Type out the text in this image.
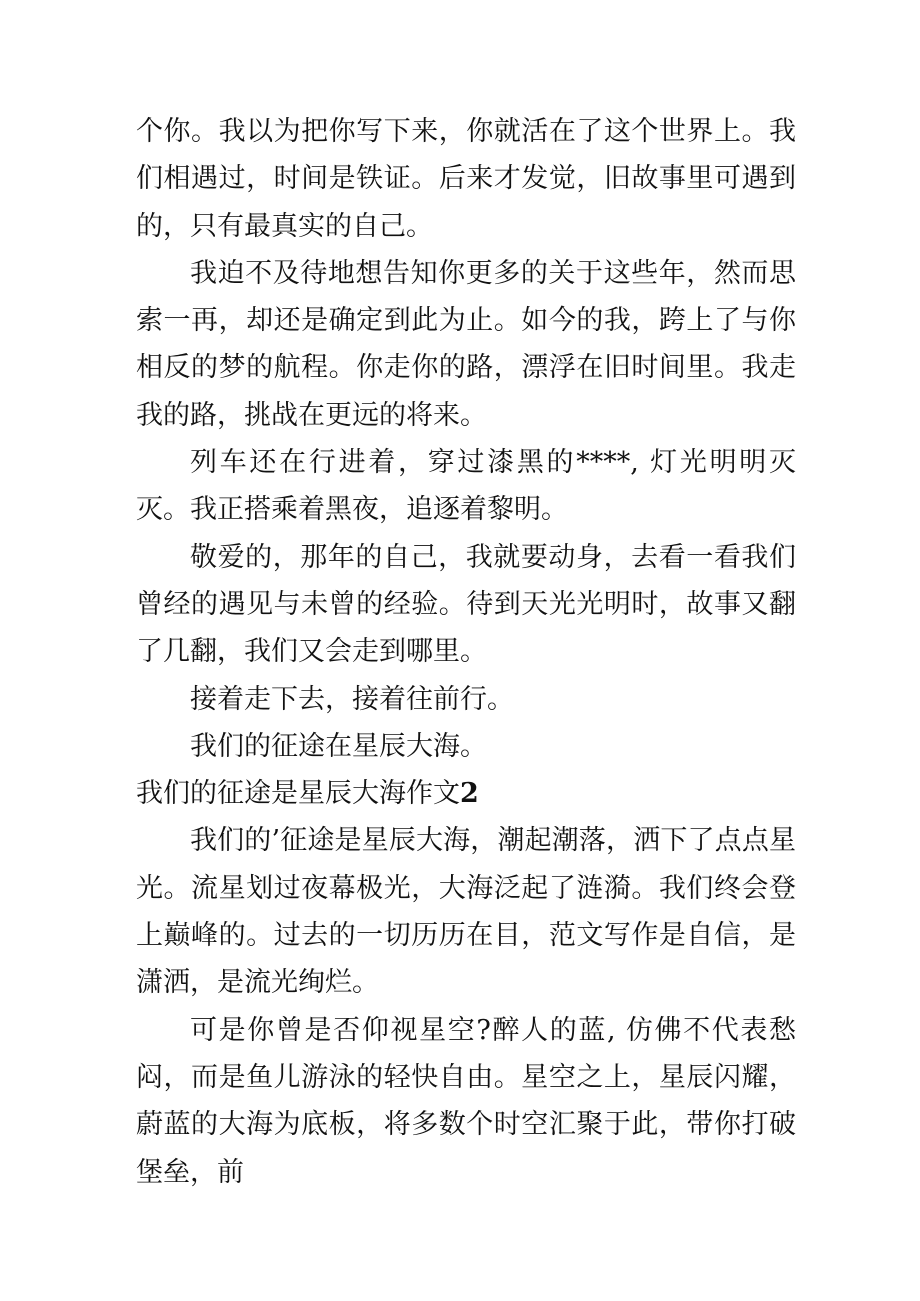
个你。我以为把你写下来，你就活在了这个世界上。我们相遇过，时间是铁证。后来才发觉，旧故事里可遇到的，只有最真实的自己。

我迫不及待地想告知你更多的关于这些年，然而思索一再，却还是确定到此为止。如今的我，跨上了与你相反的梦的航程。你走你的路，漂浮在旧时间里。我走我的路，挑战在更远的将来。

列车还在行进着，穿过漆黑的****, 灯光明明灭灭。我正搭乘着黑夜，追逐着黎明。

敬爱的，那年的自己，我就要动身，去看一看我们曾经的遇见与未曾的经验。待到天光光明时，故事又翻了几翻，我们又会走到哪里。

接着走下去，接着往前行。

我们的征途在星辰大海。

我们的征途是星辰大海作文2

我们的’征途是星辰大海，潮起潮落，洒下了点点星光。流星划过夜幕极光，大海泛起了涟漪。我们终会登上巅峰的。过去的一切历历在目，范文写作是自信，是潇洒，是流光绚烂。

可是你曾是否仰视星空?醉人的蓝, 仿佛不代表愁闷，而是鱼儿游泳的轻快自由。星空之上，星辰闪耀，蔚蓝的大海为底板，将多数个时空汇聚于此，带你打破堡垒，前
